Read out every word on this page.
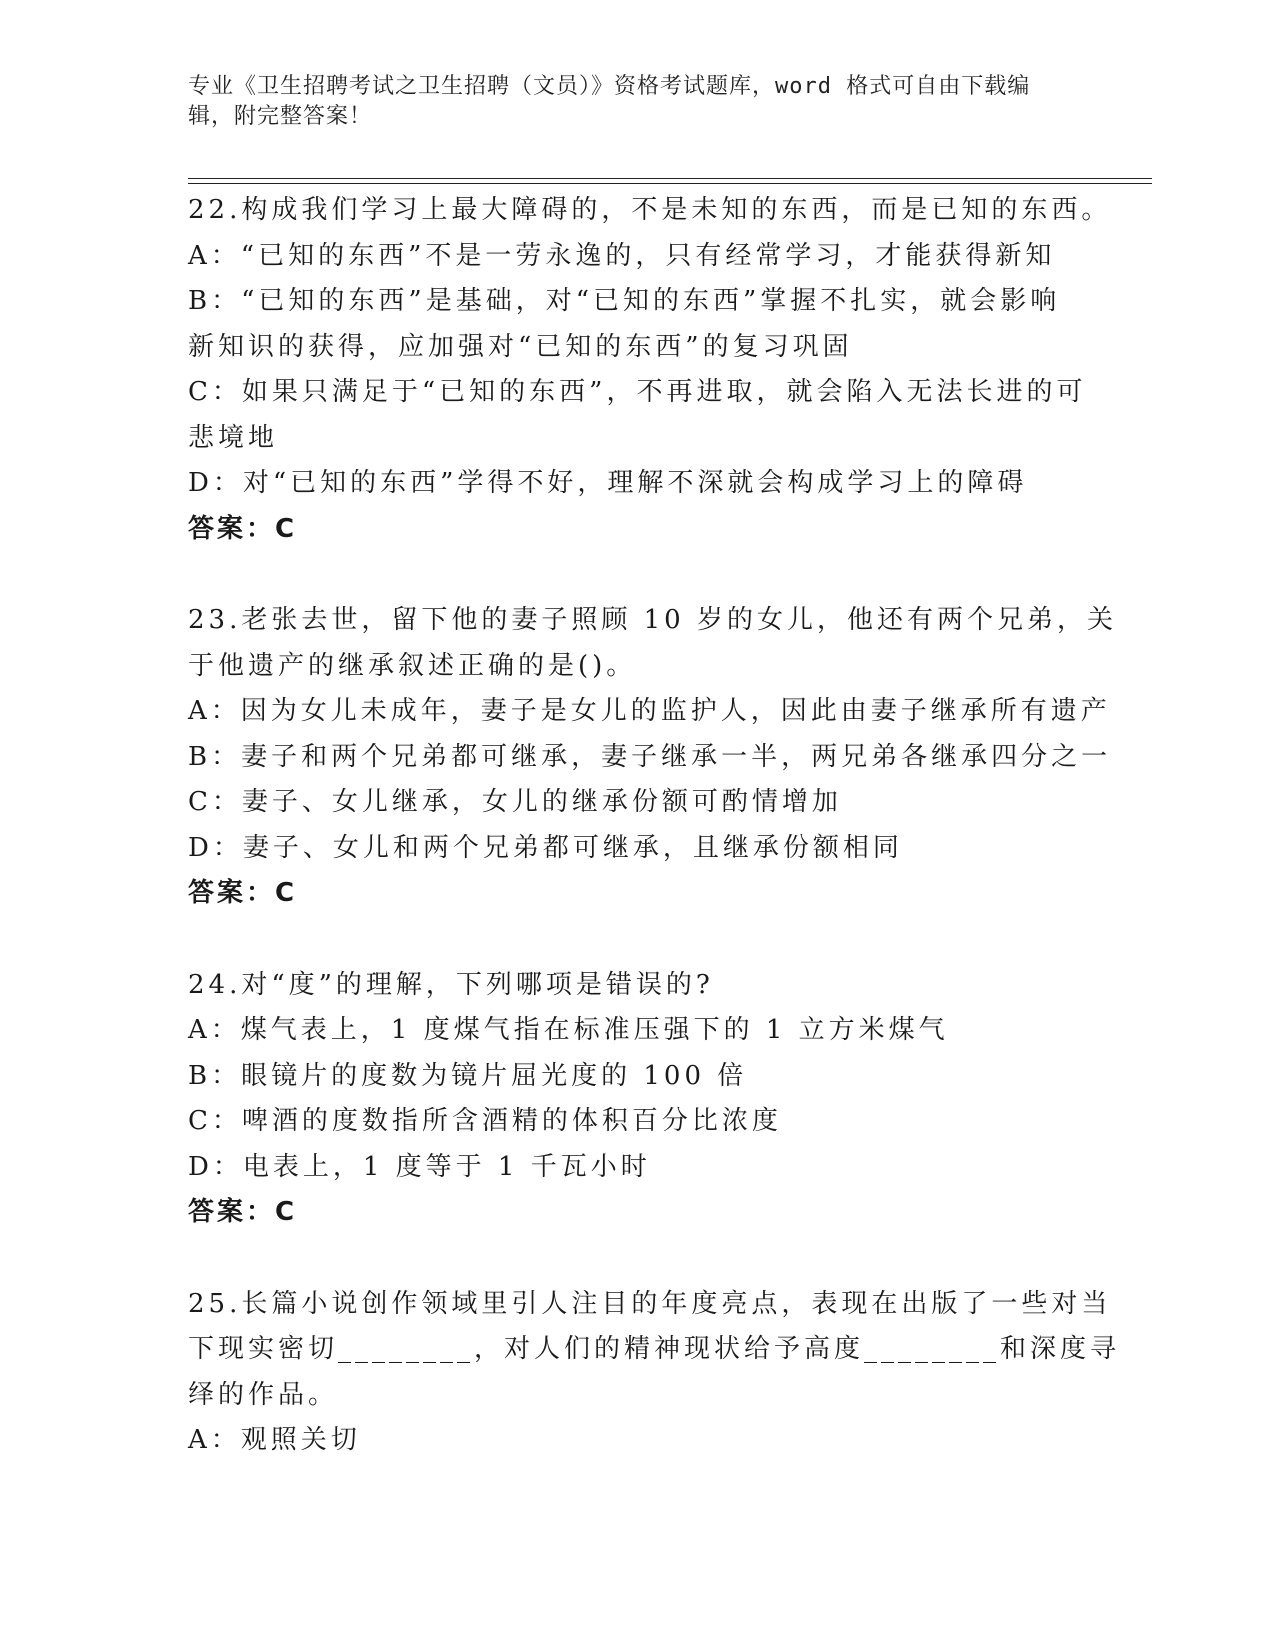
专业《卫生招聘考试之卫生招聘（文员）》资格考试题库，word 格式可自由下载编辑，附完整答案！
22.构成我们学习上最大障碍的，不是未知的东西，而是已知的东西。
A：“已知的东西”不是一劳永逸的，只有经常学习，才能获得新知
B：“已知的东西”是基础，对“已知的东西”掌握不扎实，就会影响
新知识的获得，应加强对“已知的东西”的复习巩固
C：如果只满足于“已知的东西”，不再进取，就会陷入无法长进的可
悲境地
D：对“已知的东西”学得不好，理解不深就会构成学习上的障碍
答案：C
23.老张去世，留下他的妻子照顾 10 岁的女儿，他还有两个兄弟，关
于他遗产的继承叙述正确的是()。
A：因为女儿未成年，妻子是女儿的监护人，因此由妻子继承所有遗产
B：妻子和两个兄弟都可继承，妻子继承一半，两兄弟各继承四分之一
C：妻子、女儿继承，女儿的继承份额可酌情增加
D：妻子、女儿和两个兄弟都可继承，且继承份额相同
答案：C
24.对“度”的理解，下列哪项是错误的?
A：煤气表上，1 度煤气指在标准压强下的 1 立方米煤气
B：眼镜片的度数为镜片屈光度的 100 倍
C：啤酒的度数指所含酒精的体积百分比浓度
D：电表上，1 度等于 1 千瓦小时
答案：C
25.长篇小说创作领域里引人注目的年度亮点，表现在出版了一些对当
下现实密切________，对人们的精神现状给予高度________和深度寻
绎的作品。
A：观照关切
